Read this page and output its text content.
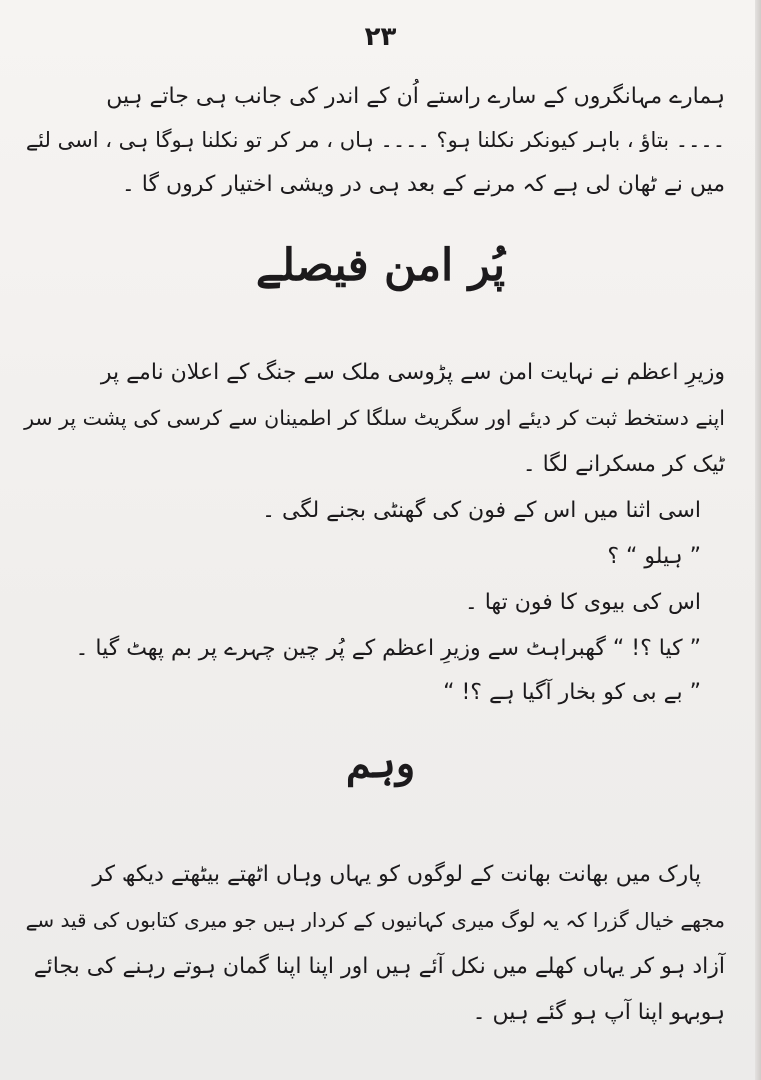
۲۳
ہمارے مہانگروں کے سارے راستے اُن کے اندر کی جانب ہی جاتے ہیں
۔۔۔۔ بتاؤ ، باہر کیونکر نکلنا ہو؟ ۔۔۔۔ ہاں ، مر کر تو نکلنا ہوگا ہی ، اسی لئے
میں نے ٹھان لی ہے کہ مرنے کے بعد ہی در ویشی اختیار کروں گا ۔
پُر امن فیصلے
وزیرِ اعظم نے نہایت امن سے پڑوسی ملک سے جنگ کے اعلان نامے پر
اپنے دستخط ثبت کر دیئے اور سگریٹ سلگا کر اطمینان سے کرسی کی پشت پر سر
ٹیک کر مسکرانے لگا ۔
اسی اثنا میں اس کے فون کی گھنٹی بجنے لگی ۔
” ہیلو “ ؟
اس کی بیوی کا فون تھا ۔
” کیا ؟! “ گھبراہٹ سے وزیرِ اعظم کے پُر چین چہرے پر بم پھٹ گیا ۔
” بے بی کو بخار آگیا ہے ؟! “
وہم
پارک میں بھانت بھانت کے لوگوں کو یہاں وہاں اٹھتے بیٹھتے دیکھ کر
مجھے خیال گزرا کہ یہ لوگ میری کہانیوں کے کردار ہیں جو میری کتابوں کی قید سے
آزاد ہو کر یہاں کھلے میں نکل آئے ہیں اور اپنا اپنا گمان ہوتے رہنے کی بجائے
ہوبہو اپنا آپ ہو گئے ہیں ۔
